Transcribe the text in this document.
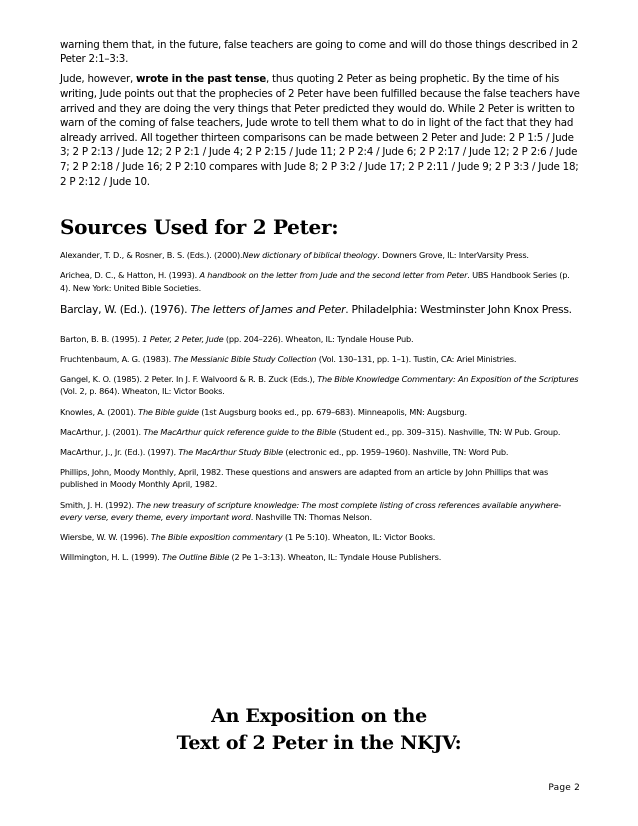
warning them that, in the future, false teachers are going to come and will do those things described in 2 Peter 2:1–3:3.

Jude, however, wrote in the past tense, thus quoting 2 Peter as being prophetic. By the time of his writing, Jude points out that the prophecies of 2 Peter have been fulfilled because the false teachers have arrived and they are doing the very things that Peter predicted they would do. While 2 Peter is written to warn of the coming of false teachers, Jude wrote to tell them what to do in light of the fact that they had already arrived. All together thirteen comparisons can be made between 2 Peter and Jude: 2 P 1:5 / Jude 3; 2 P 2:13 / Jude 12; 2 P 2:1 / Jude 4; 2 P 2:15 / Jude 11; 2 P 2:4 / Jude 6; 2 P 2:17 / Jude 12; 2 P 2:6 / Jude 7; 2 P 2:18 / Jude 16; 2 P 2:10 compares with Jude 8; 2 P 3:2 / Jude 17; 2 P 2:11 / Jude 9; 2 P 3:3 / Jude 18; 2 P 2:12 / Jude 10.

Sources Used for 2 Peter:

Alexander, T. D., & Rosner, B. S. (Eds.). (2000).New dictionary of biblical theology. Downers Grove, IL: InterVarsity Press.

Arichea, D. C., & Hatton, H. (1993). A handbook on the letter from Jude and the second letter from Peter. UBS Handbook Series (p. 4). New York: United Bible Societies.

Barclay, W. (Ed.). (1976). The letters of James and Peter. Philadelphia: Westminster John Knox Press.

Barton, B. B. (1995). 1 Peter, 2 Peter, Jude (pp. 204–226). Wheaton, IL: Tyndale House Pub.

Fruchtenbaum, A. G. (1983). The Messianic Bible Study Collection (Vol. 130–131, pp. 1–1). Tustin, CA: Ariel Ministries.

Gangel, K. O. (1985). 2 Peter. In J. F. Walvoord & R. B. Zuck (Eds.), The Bible Knowledge Commentary: An Exposition of the Scriptures (Vol. 2, p. 864). Wheaton, IL: Victor Books.

Knowles, A. (2001). The Bible guide (1st Augsburg books ed., pp. 679–683). Minneapolis, MN: Augsburg.

MacArthur, J. (2001). The MacArthur quick reference guide to the Bible (Student ed., pp. 309–315). Nashville, TN: W Pub. Group.

MacArthur, J., Jr. (Ed.). (1997). The MacArthur Study Bible (electronic ed., pp. 1959–1960). Nashville, TN: Word Pub.

Phillips, John, Moody Monthly, April, 1982. These questions and answers are adapted from an article by John Phillips that was published in Moody Monthly April, 1982.

Smith, J. H. (1992). The new treasury of scripture knowledge: The most complete listing of cross references available anywhere- every verse, every theme, every important word. Nashville TN: Thomas Nelson.

Wiersbe, W. W. (1996). The Bible exposition commentary (1 Pe 5:10). Wheaton, IL: Victor Books.

Willmington, H. L. (1999). The Outline Bible (2 Pe 1–3:13). Wheaton, IL: Tyndale House Publishers.

An Exposition on the
Text of 2 Peter in the NKJV:
Page 2
